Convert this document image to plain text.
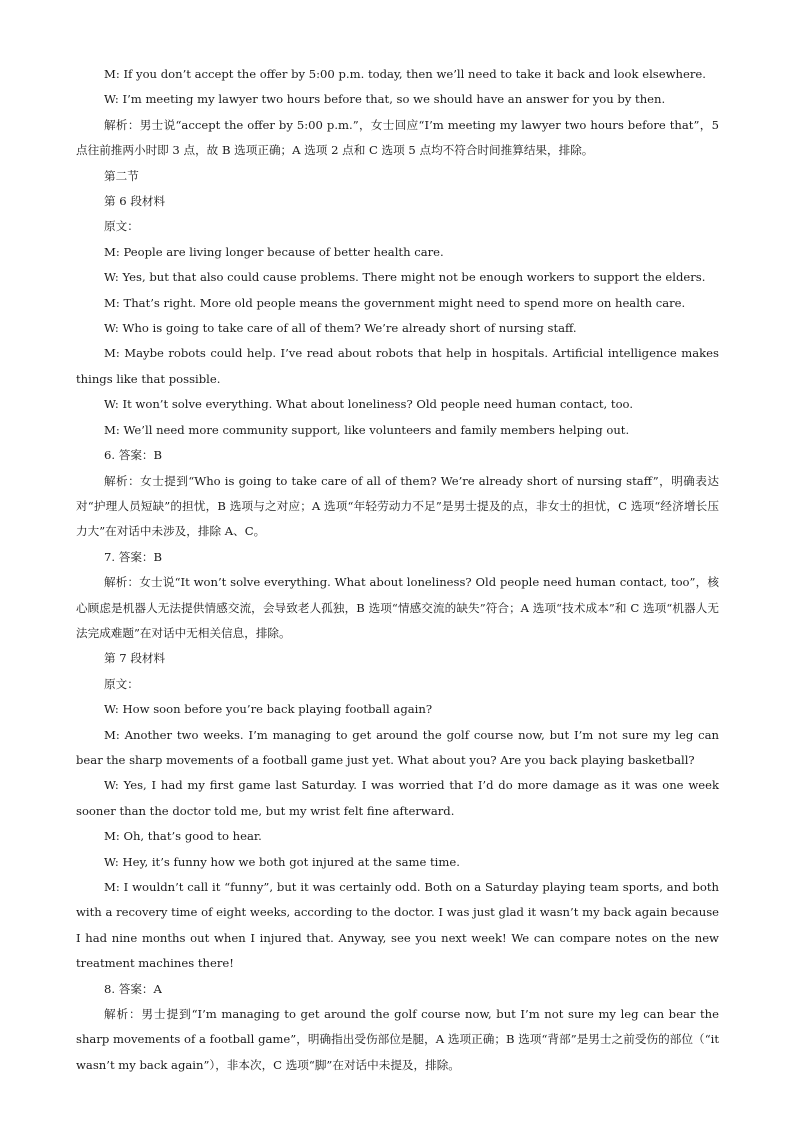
M: If you don’t accept the offer by 5:00 p.m. today, then we’ll need to take it back and look elsewhere.

W: I’m meeting my lawyer two hours before that, so we should have an answer for you by then.

解析：男士说“accept the offer by 5:00 p.m.”，女士回应“I’m meeting my lawyer two hours before that”，5 点往前推两小时即 3 点，故 B 选项正确；A 选项 2 点和 C 选项 5 点均不符合时间推算结果，排除。

第二节

第 6 段材料

原文：

M: People are living longer because of better health care.

W: Yes, but that also could cause problems. There might not be enough workers to support the elders.

M: That’s right. More old people means the government might need to spend more on health care.

W: Who is going to take care of all of them? We’re already short of nursing staff.

M: Maybe robots could help. I’ve read about robots that help in hospitals. Artificial intelligence makes things like that possible.

W: It won’t solve everything. What about loneliness? Old people need human contact, too.

M: We’ll need more community support, like volunteers and family members helping out.

6. 答案：B

解析：女士提到“Who is going to take care of all of them? We’re already short of nursing staff”，明确表达对“护理人员短缺”的担忧，B 选项与之对应；A 选项“年轻劳动力不足”是男士提及的点，非女士的担忧，C 选项“经济增长压力大”在对话中未涉及，排除 A、C。

7. 答案：B

解析：女士说“It won’t solve everything. What about loneliness? Old people need human contact, too”，核心顾虑是机器人无法提供情感交流，会导致老人孤独，B 选项“情感交流的缺失”符合；A 选项“技术成本”和 C 选项“机器人无法完成难题”在对话中无相关信息，排除。

第 7 段材料

原文：

W: How soon before you’re back playing football again?

M: Another two weeks. I’m managing to get around the golf course now, but I’m not sure my leg can bear the sharp movements of a football game just yet. What about you? Are you back playing basketball?

W: Yes, I had my first game last Saturday. I was worried that I’d do more damage as it was one week sooner than the doctor told me, but my wrist felt fine afterward.

M: Oh, that’s good to hear.

W: Hey, it’s funny how we both got injured at the same time.

M: I wouldn’t call it “funny”, but it was certainly odd. Both on a Saturday playing team sports, and both with a recovery time of eight weeks, according to the doctor. I was just glad it wasn’t my back again because I had nine months out when I injured that. Anyway, see you next week! We can compare notes on the new treatment machines there!

8. 答案：A

解析：男士提到“I’m managing to get around the golf course now, but I’m not sure my leg can bear the sharp movements of a football game”，明确指出受伤部位是腿，A 选项正确；B 选项“背部”是男士之前受伤的部位（“it wasn’t my back again”），非本次，C 选项“脚”在对话中未提及，排除。
